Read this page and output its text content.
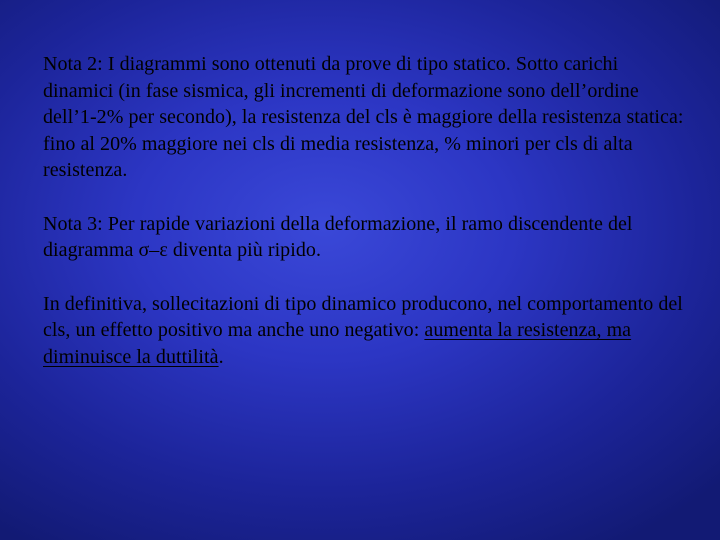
Nota 2: I diagrammi sono ottenuti da prove di tipo statico. Sotto carichi dinamici (in fase sismica, gli incrementi di deformazione sono dell’ordine dell’1-2% per secondo), la resistenza del cls è maggiore della resistenza statica: fino al 20% maggiore nei cls di media resistenza, % minori per cls di alta resistenza.

Nota 3: Per rapide variazioni della deformazione, il ramo discendente del diagramma σ–ε diventa più ripido.

In definitiva, sollecitazioni di tipo dinamico producono, nel comportamento del cls, un effetto positivo ma anche uno negativo: aumenta la resistenza, ma diminuisce la duttilità.
